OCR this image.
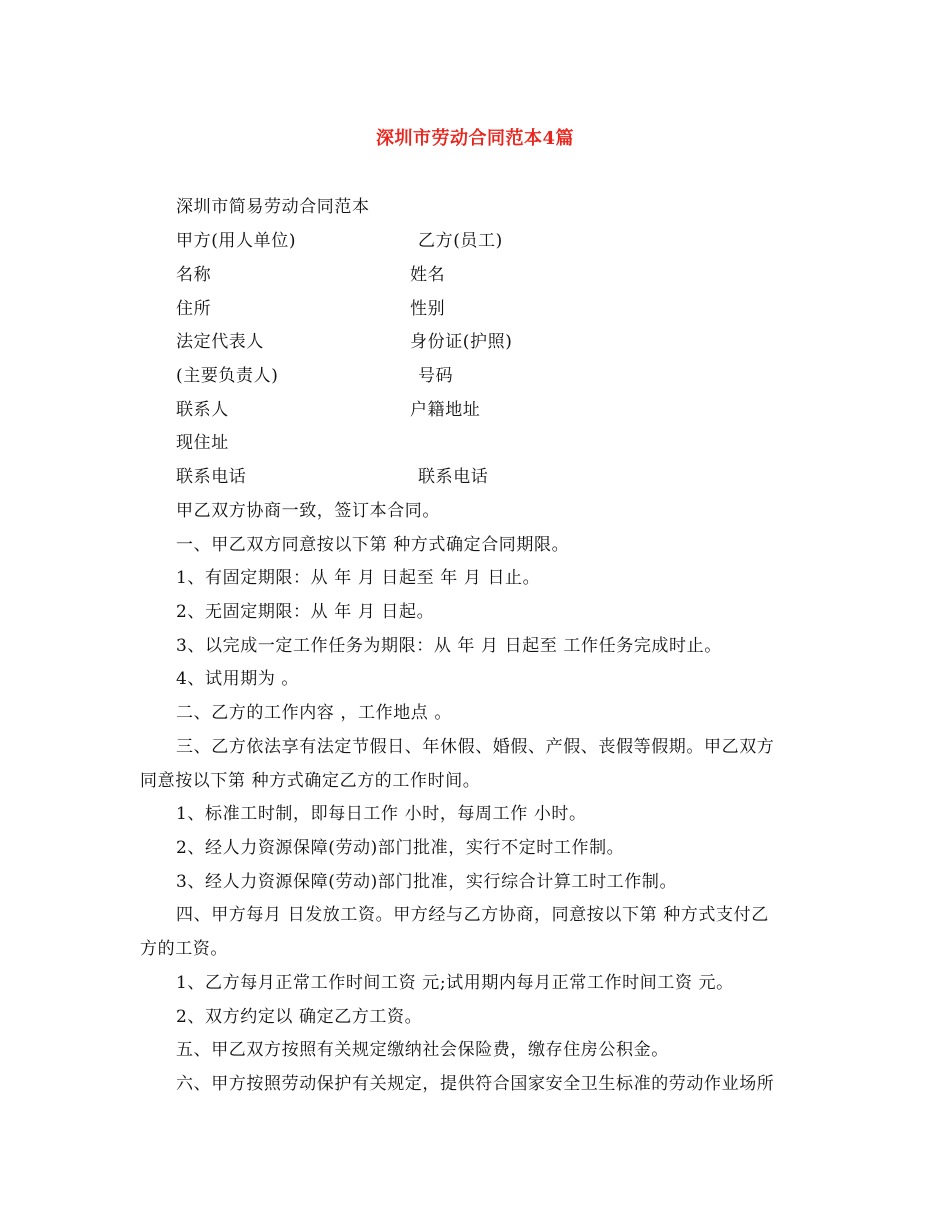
深圳市劳动合同范本4篇
深圳市简易劳动合同范本
甲方(用人单位)	乙方(员工)
名称	姓名
住所	性别
法定代表人	身份证(护照)
(主要负责人)	号码
联系人	户籍地址
现住址
联系电话	联系电话
甲乙双方协商一致，签订本合同。
一、甲乙双方同意按以下第 种方式确定合同期限。
1、有固定期限：从 年 月 日起至 年 月 日止。
2、无固定期限：从 年 月 日起。
3、以完成一定工作任务为期限：从 年 月 日起至 工作任务完成时止。
4、试用期为 。
二、乙方的工作内容 ，工作地点 。
三、乙方依法享有法定节假日、年休假、婚假、产假、丧假等假期。甲乙双方
同意按以下第 种方式确定乙方的工作时间。
1、标准工时制，即每日工作 小时，每周工作 小时。
2、经人力资源保障(劳动)部门批准，实行不定时工作制。
3、经人力资源保障(劳动)部门批准，实行综合计算工时工作制。
四、甲方每月 日发放工资。甲方经与乙方协商，同意按以下第 种方式支付乙
方的工资。
1、乙方每月正常工作时间工资 元;试用期内每月正常工作时间工资 元。
2、双方约定以 确定乙方工资。
五、甲乙双方按照有关规定缴纳社会保险费，缴存住房公积金。
六、甲方按照劳动保护有关规定，提供符合国家安全卫生标准的劳动作业场所
